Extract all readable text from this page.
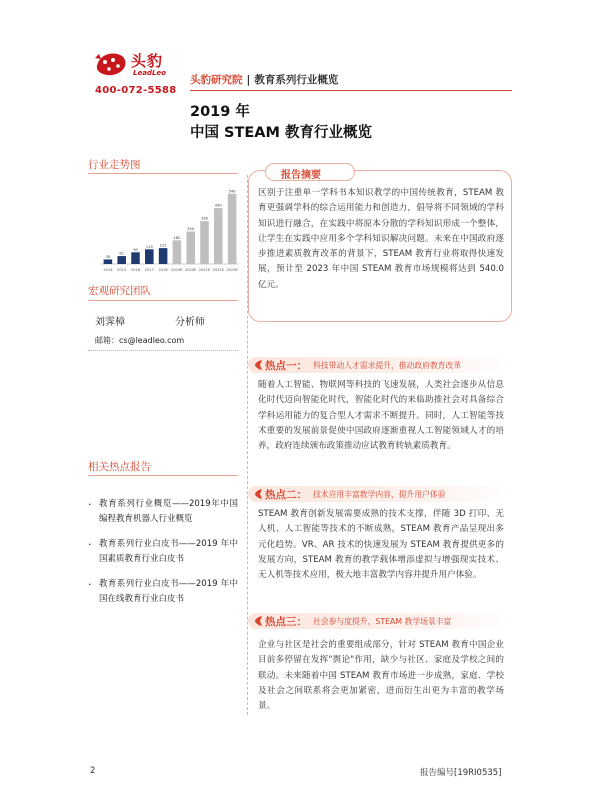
头豹
LeadLeo
400-072-5588
头豹研究院 | 教育系列行业概览
2019 年
中国 STEAM 教育行业概览
行业走势图
35
2014
61
2015
90
2016
113
2017
122
2018
182
2019E
250
2020E
330
2021E
430
2022E
540
2023E
宏观研究团队
刘霁樟	分析师
邮箱：cs@leadleo.com
相关热点报告
· 教育系列行业概览——2019年中国编程教育机器人行业概览
· 教育系列行业白皮书——2019 年中国素质教育行业白皮书
· 教育系列行业白皮书——2019 年中国在线教育行业白皮书
报告摘要
区别于注重单一学科书本知识教学的中国传统教育，STEAM 教育更强调学科的综合运用能力和创造力，倡导将不同领域的学科知识进行融合，在实践中将原本分散的学科知识形成一个整体，让学生在实践中应用多个学科知识解决问题。未来在中国政府逐步推进素质教育改革的背景下，STEAM 教育行业将取得快速发展，预计至 2023 年中国 STEAM 教育市场规模将达到 540.0 亿元。
热点一： 科技带动人才需求提升，推动政府教育改革
随着人工智能、物联网等科技的飞速发展，人类社会逐步从信息化时代迈向智能化时代，智能化时代的来临助推社会对具备综合学科运用能力的复合型人才需求不断提升。同时，人工智能等技术重要的发展前景促使中国政府逐渐重视人工智能领域人才的培养，政府连续颁布政策推动应试教育转轨素质教育。
热点二： 技术应用丰富教学内容，提升用户体验
STEAM 教育创新发展需要成熟的技术支撑，伴随 3D 打印、无人机、人工智能等技术的不断成熟，STEAM 教育产品呈现出多元化趋势。VR、AR 技术的快速发展为 STEAM 教育提供更多的发展方向，STEAM 教育的教学载体增添虚拟与增强现实技术、无人机等技术应用，极大地丰富教学内容并提升用户体验。
热点三： 社会参与度提升，STEAM 教学场景丰富
企业与社区是社会的重要组成部分，针对 STEAM 教育中国企业目前多停留在发挥"舆论"作用，缺少与社区、家庭及学校之间的联动。未来随着中国 STEAM 教育市场进一步成熟，家庭、学校及社会之间联系将会更加紧密，进而衍生出更为丰富的教学场景。
2	报告编号[19RI0535]
